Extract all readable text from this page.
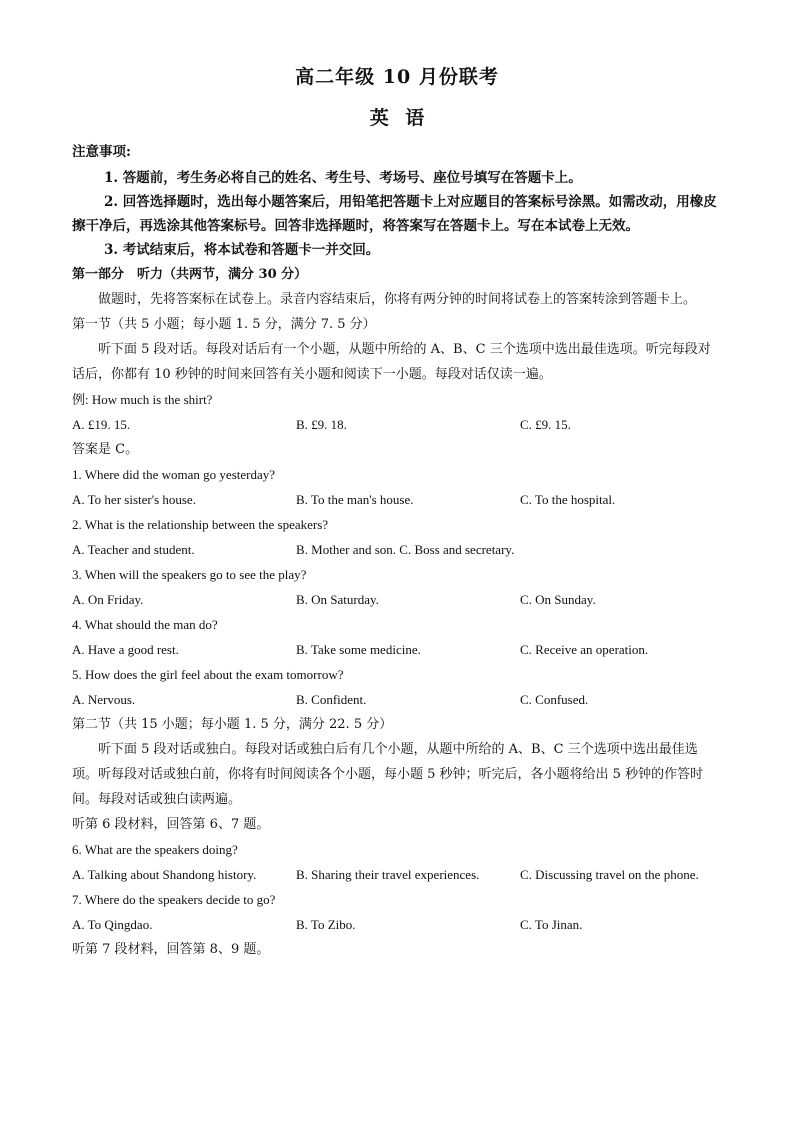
高二年级 10 月份联考
英 语
注意事项:

1. 答题前，考生务必将自己的姓名、考生号、考场号、座位号填写在答题卡上。

2. 回答选择题时，选出每小题答案后，用铅笔把答题卡上对应题目的答案标号涂黑。如需改动，用橡皮擦干净后，再选涂其他答案标号。回答非选择题时，将答案写在答题卡上。写在本试卷上无效。

3. 考试结束后，将本试卷和答题卡一并交回。

第一部分　听力（共两节，满分 30 分）

做题时，先将答案标在试卷上。录音内容结束后，你将有两分钟的时间将试卷上的答案转涂到答题卡上。

第一节（共 5 小题；每小题 1. 5 分，满分 7. 5 分）

听下面 5 段对话。每段对话后有一个小题，从题中所给的 A、B、C 三个选项中选出最佳选项。听完每段对话后，你都有 10 秒钟的时间来回答有关小题和阅读下一小题。每段对话仅读一遍。

例: How much is the shirt?

A. £19. 15.	B. £9. 18.	C. £9. 15.

答案是 C。

1. Where did the woman go yesterday?

A. To her sister's house.	B. To the man's house.	C. To the hospital.

2. What is the relationship between the speakers?

A. Teacher and student.	B. Mother and son. C. Boss and secretary.

3. When will the speakers go to see the play?

A. On Friday.	B. On Saturday.	C. On Sunday.

4. What should the man do?

A. Have a good rest.	B. Take some medicine.	C. Receive an operation.

5. How does the girl feel about the exam tomorrow?

A. Nervous.	B. Confident.	C. Confused.

第二节（共 15 小题；每小题 1. 5 分，满分 22. 5 分）

听下面 5 段对话或独白。每段对话或独白后有几个小题，从题中所给的 A、B、C 三个选项中选出最佳选项。听每段对话或独白前，你将有时间阅读各个小题，每小题 5 秒钟；听完后，各小题将给出 5 秒钟的作答时间。每段对话或独白读两遍。

听第 6 段材料，回答第 6、7 题。

6. What are the speakers doing?

A. Talking about Shandong history.	B. Sharing their travel experiences.	C. Discussing travel on the phone.

7. Where do the speakers decide to go?

A. To Qingdao.	B. To Zibo.	C. To Jinan.

听第 7 段材料，回答第 8、9 题。
